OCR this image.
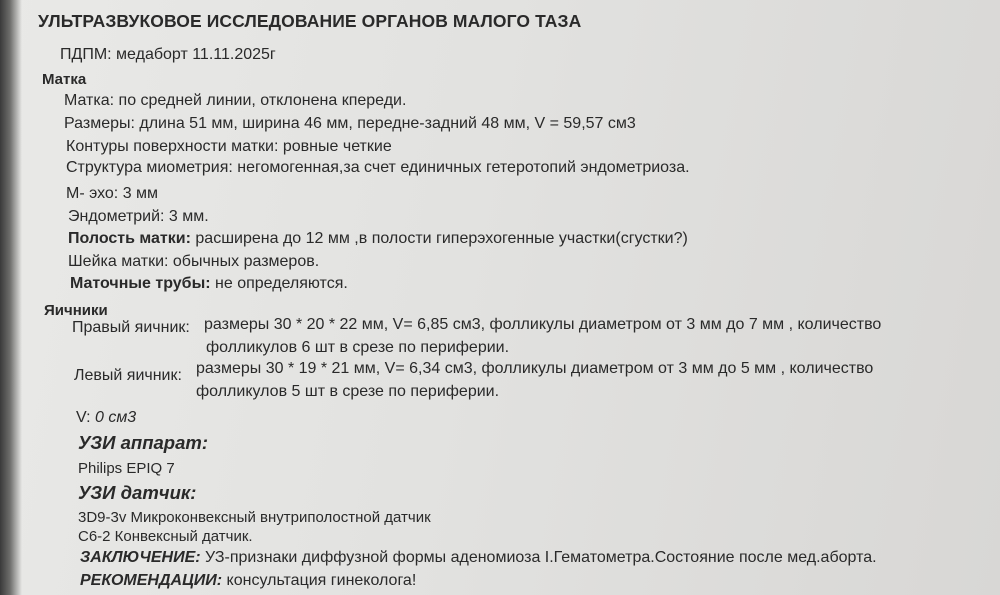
УЛЬТРАЗВУКОВОЕ ИССЛЕДОВАНИЕ ОРГАНОВ МАЛОГО ТАЗА
ПДПМ: медаборт 11.11.2025г
Матка
Матка: по средней линии, отклонена кпереди.
Размеры: длина 51 мм, ширина 46 мм, передне-задний 48 мм, V = 59,57 см3
Контуры поверхности матки: ровные четкие
Структура миометрия: негомогенная,за счет единичных гетеротопий эндометриоза.
М- эхо: 3 мм
Эндометрий: 3 мм.
Полость матки: расширена до 12 мм ,в полости гиперэхогенные участки(сгустки?)
Шейка матки: обычных размеров.
Маточные трубы: не определяются.
Яичники
Правый яичник: размеры 30 * 20 * 22 мм, V= 6,85 см3, фолликулы диаметром от 3 мм до 7 мм , количество
фолликулов 6 шт в срезе по периферии.
Левый яичник: размеры 30 * 19 * 21 мм, V= 6,34 см3, фолликулы диаметром от 3 мм до 5 мм , количество
фолликулов 5 шт в срезе по периферии.
V: 0 см3
УЗИ аппарат:
Philips EPIQ 7
УЗИ датчик:
3D9-3v Микроконвексный внутриполостной датчик
C6-2 Конвексный датчик.
ЗАКЛЮЧЕНИЕ: УЗ-признаки диффузной формы аденомиоза I.Гематометра.Состояние после мед.аборта.
РЕКОМЕНДАЦИИ: консультация гинеколога!
